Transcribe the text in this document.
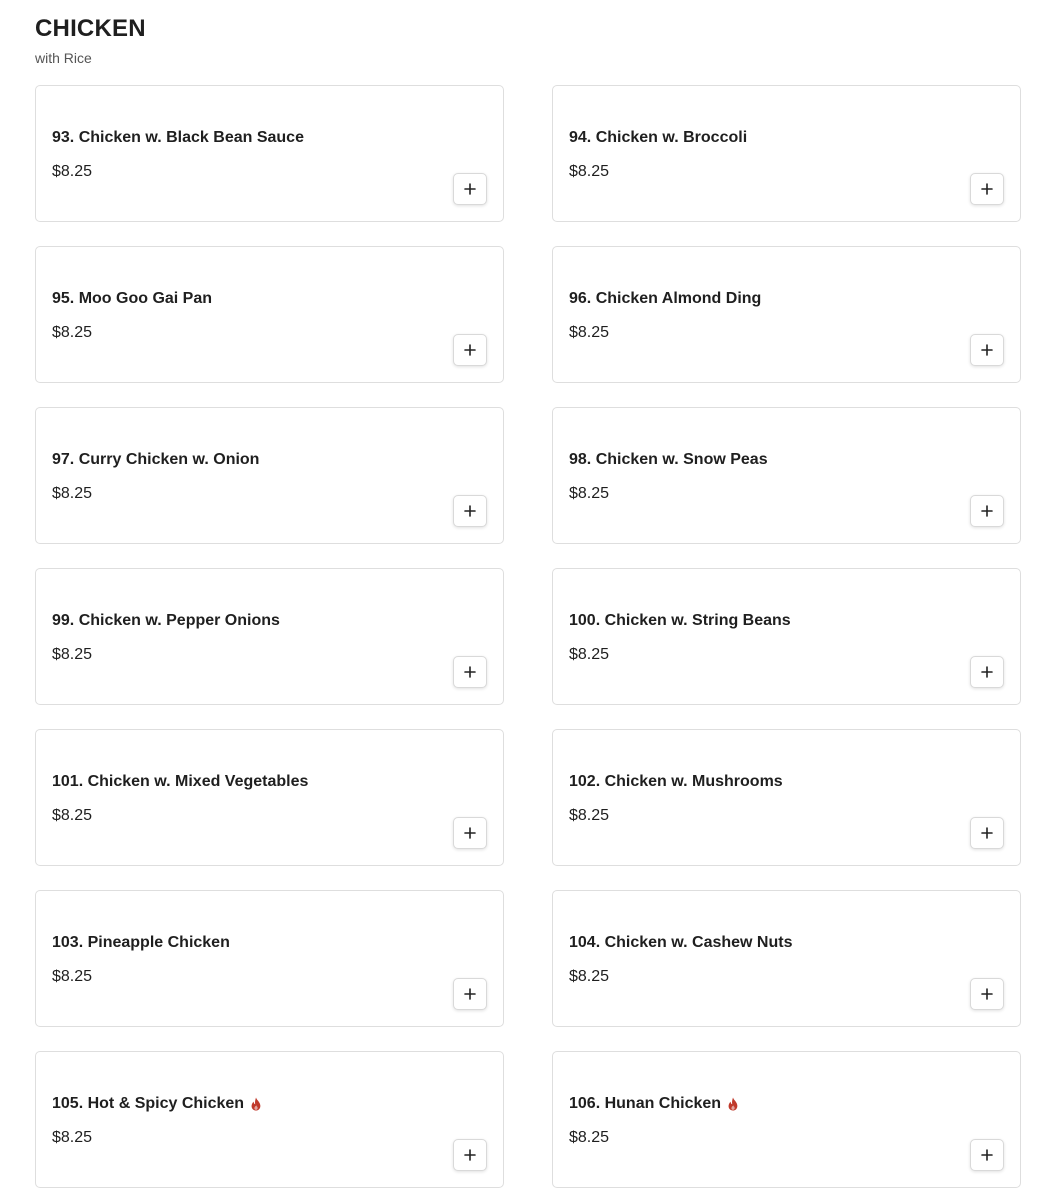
CHICKEN
with Rice
93. Chicken w. Black Bean Sauce
$8.25
94. Chicken w. Broccoli
$8.25
95. Moo Goo Gai Pan
$8.25
96. Chicken Almond Ding
$8.25
97. Curry Chicken w. Onion
$8.25
98. Chicken w. Snow Peas
$8.25
99. Chicken w. Pepper Onions
$8.25
100. Chicken w. String Beans
$8.25
101. Chicken w. Mixed Vegetables
$8.25
102. Chicken w. Mushrooms
$8.25
103. Pineapple Chicken
$8.25
104. Chicken w. Cashew Nuts
$8.25
105. Hot & Spicy Chicken
$8.25
106. Hunan Chicken
$8.25
